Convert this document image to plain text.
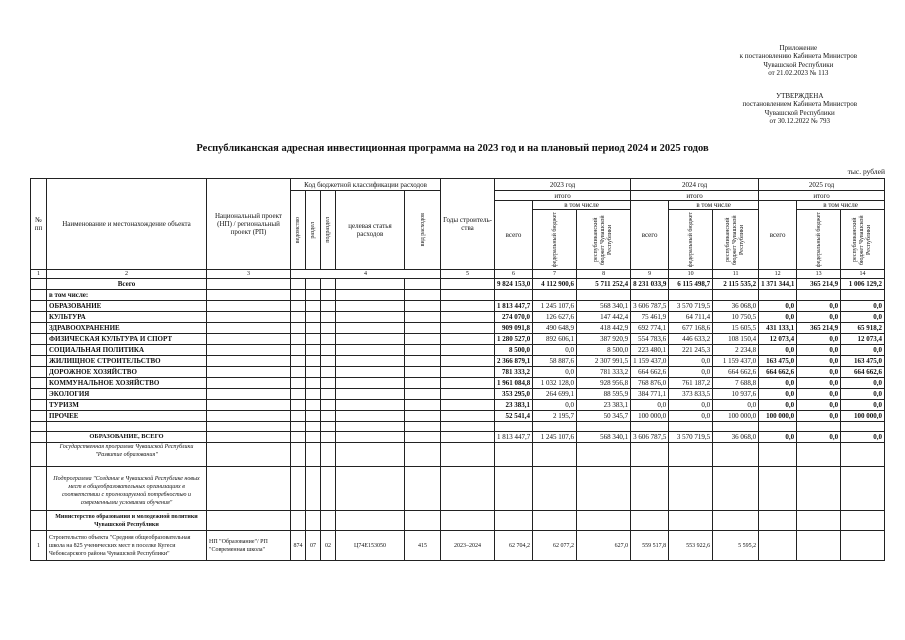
Приложение
к постановлению Кабинета Министров
Чувашской Республики
от 21.02.2023 № 113
УТВЕРЖДЕНА
постановлением Кабинета Министров
Чувашской Республики
от 30.12.2022 № 793
Республиканская адресная инвестиционная программа на 2023 год и на плановый период 2024 и 2025 годов
тыс. рублей
№ пп	Наименование и местонахождение объекта	Национальный проект (НП) / региональный проект (РП)	Код бюджетной классификации расходов					Годы строитель-ства	2023 год			2024 год			2025 год		

			ведомство	раздел	подраздел	целевая статья расходов	вид расходов		итого			итого			итого		
									всего	в том числе		всего	в том числе		всего	в том числе	

										федеральный бюджет	республиканский бюджет Чувашской Республики		федеральный бюджет	республиканский бюджет Чувашской Республики		федеральный бюджет	республиканский бюджет Чувашской Республики

1	2	3	4					5	6	7	8	9	10	11	12	13	14
	Всего								9 824 153,0	4 112 900,6	5 711 252,4	8 231 033,9	6 115 498,7	2 115 535,2	1 371 344,1	365 214,9	1 006 129,2
	в том числе:																
	ОБРАЗОВАНИЕ								1 813 447,7	1 245 107,6	568 340,1	3 606 787,5	3 570 719,5	36 068,0	0,0	0,0	0,0
	КУЛЬТУРА								274 070,0	126 627,6	147 442,4	75 461,9	64 711,4	10 750,5	0,0	0,0	0,0
	ЗДРАВООХРАНЕНИЕ								909 091,8	490 648,9	418 442,9	692 774,1	677 168,6	15 605,5	431 133,1	365 214,9	65 918,2
	ФИЗИЧЕСКАЯ КУЛЬТУРА И СПОРТ								1 280 527,0	892 606,1	387 920,9	554 783,6	446 633,2	108 150,4	12 073,4	0,0	12 073,4
	СОЦИАЛЬНАЯ ПОЛИТИКА								8 500,0	0,0	8 500,0	223 480,1	221 245,3	2 234,8	0,0	0,0	0,0
	ЖИЛИЩНОЕ СТРОИТЕЛЬСТВО								2 366 879,1	58 887,6	2 307 991,5	1 159 437,0	0,0	1 159 437,0	163 475,0	0,0	163 475,0
	ДОРОЖНОЕ ХОЗЯЙСТВО								781 333,2	0,0	781 333,2	664 662,6	0,0	664 662,6	664 662,6	0,0	664 662,6
	КОММУНАЛЬНОЕ ХОЗЯЙСТВО								1 961 084,8	1 032 128,0	928 956,8	768 876,0	761 187,2	7 688,8	0,0	0,0	0,0
	ЭКОЛОГИЯ								353 295,0	264 699,1	88 595,9	384 771,1	373 833,5	10 937,6	0,0	0,0	0,0
	ТУРИЗМ								23 383,1	0,0	23 383,1	0,0	0,0	0,0	0,0	0,0	0,0
	ПРОЧЕЕ								52 541,4	2 195,7	50 345,7	100 000,0	0,0	100 000,0	100 000,0	0,0	100 000,0

	ОБРАЗОВАНИЕ, ВСЕГО								1 813 447,7	1 245 107,6	568 340,1	3 606 787,5	3 570 719,5	36 068,0	0,0	0,0	0,0
	Государственная программа Чувашской Республики "Развитие образования"																
	Подпрограмма "Создание в Чувашской Республике новых мест в общеобразовательных организациях в соответствии с прогнозируемой потребностью и современными условиями обучения"																
	Министерство образования и молодежной политики Чувашской Республики																
1	Строительство объекта "Средняя общеобразовательная школа на 825 ученических мест в поселке Кугеси Чебоксарского района Чувашской Республики"	НП "Образование"/ РП "Современная школа"	874	07	02	Ц74Е153050	415	2023–2024	62 704,2	62 077,2	627,0	559 517,8	553 922,6	5 595,2			
